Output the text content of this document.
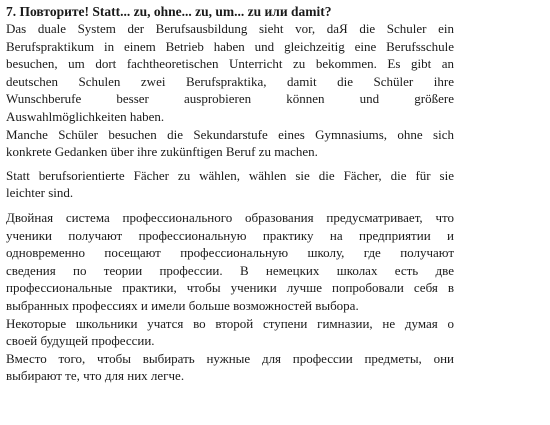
7. Повторите! Statt... zu, ohne... zu, um... zu или damit?

Das duale System der Berufsausbildung sieht vor, daЯ die Schuler ein
Berufspraktikum in einem Betrieb haben und gleichzeitig eine Berufsschule
besuchen, um dort fachtheoretischen Unterricht zu bekommen. Es gibt an
deutschen Schulen zwei Berufspraktika, damit die Schüler ihre
Wunschberufe besser ausprobieren können und größere
Auswahlmöglichkeiten haben.
Manche Schüler besuchen die Sekundarstufe eines Gymnasiums, ohne sich
konkrete Gedanken über ihre zukünftigen Beruf zu machen.
Statt berufsorientierte Fächer zu wählen, wählen sie die Fächer, die für sie
leichter sind.
Двойная система профессионального образования предусматривает, что
ученики получают профессиональную практику на предприятии и
одновременно посещают профессиональную школу, где получают
сведения по теории профессии. В немецких школах есть две
профессиональные практики, чтобы ученики лучше попробовали себя в
выбранных профессиях и имели больше возможностей выбора.
Некоторые школьники учатся во второй ступени гимназии, не думая о
своей будущей профессии.
Вместо того, чтобы выбирать нужные для профессии предметы, они
выбирают те, что для них легче.
